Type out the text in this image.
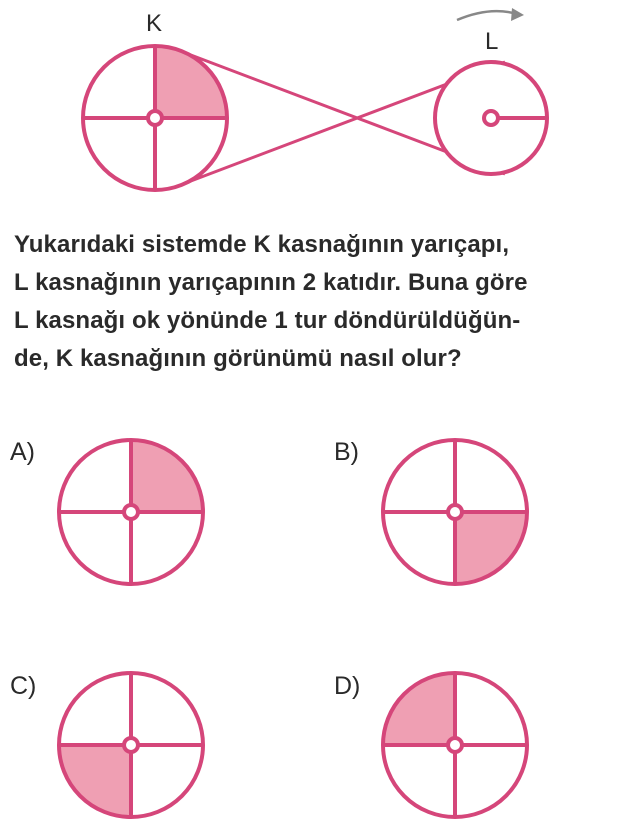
K
L

Yukarıdaki sistemde K kasnağının yarıçapı,
L kasnağının yarıçapının 2 katıdır. Buna göre
L kasnağı ok yönünde 1 tur döndürüldüğün-
de, K kasnağının görünümü nasıl olur?

A)	B)
C)	D)
